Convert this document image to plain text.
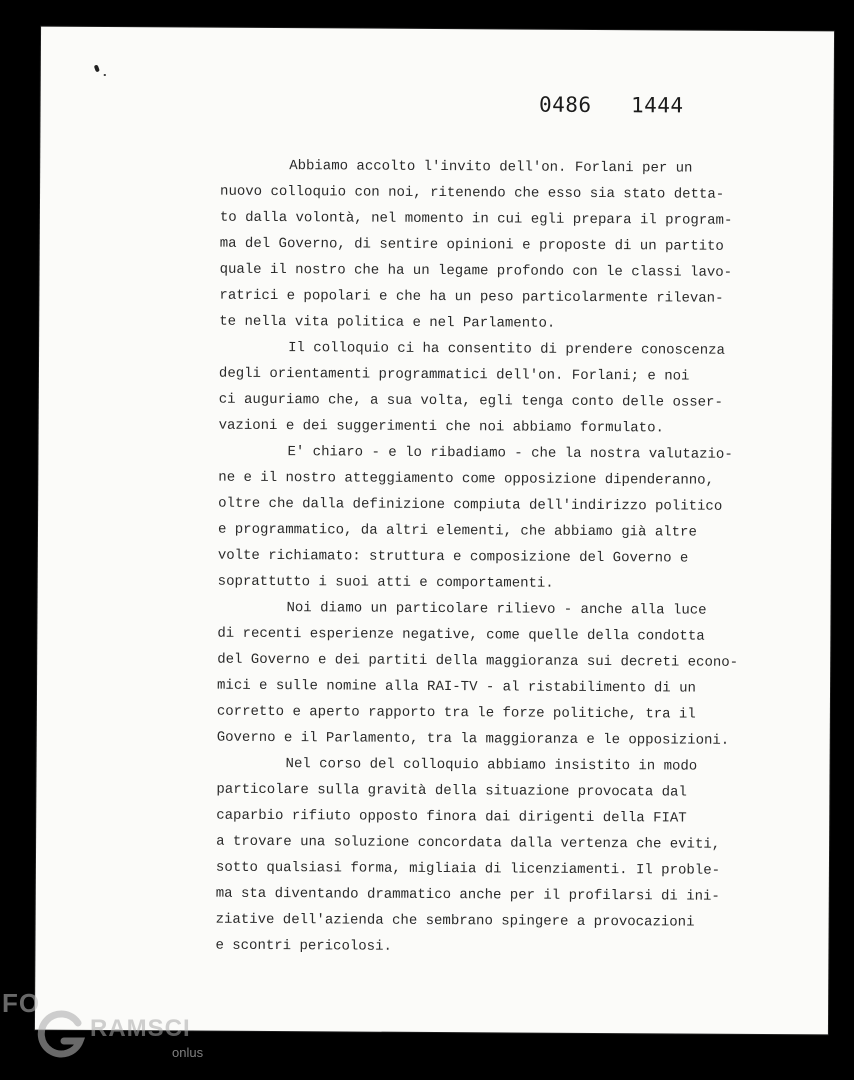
0486 1444
Abbiamo accolto l'invito dell'on. Forlani per un
nuovo colloquio con noi, ritenendo che esso sia stato detta-
to dalla volontà, nel momento in cui egli prepara il program-
ma del Governo, di sentire opinioni e proposte di un partito
quale il nostro che ha un legame profondo con le classi lavo-
ratrici e popolari e che ha un peso particolarmente rilevan-
te nella vita politica e nel Parlamento.
Il colloquio ci ha consentito di prendere conoscenza
degli orientamenti programmatici dell'on. Forlani; e noi
ci auguriamo che, a sua volta, egli tenga conto delle osser-
vazioni e dei suggerimenti che noi abbiamo formulato.
E' chiaro - e lo ribadiamo - che la nostra valutazio-
ne e il nostro atteggiamento come opposizione dipenderanno,
oltre che dalla definizione compiuta dell'indirizzo politico
e programmatico, da altri elementi, che abbiamo già altre
volte richiamato: struttura e composizione del Governo e
soprattutto i suoi atti e comportamenti.
Noi diamo un particolare rilievo - anche alla luce
di recenti esperienze negative, come quelle della condotta
del Governo e dei partiti della maggioranza sui decreti econo-
mici e sulle nomine alla RAI-TV - al ristabilimento di un
corretto e aperto rapporto tra le forze politiche, tra il
Governo e il Parlamento, tra la maggioranza e le opposizioni.
Nel corso del colloquio abbiamo insistito in modo
particolare sulla gravità della situazione provocata dal
caparbio rifiuto opposto finora dai dirigenti della FIAT
a trovare una soluzione concordata dalla vertenza che eviti,
sotto qualsiasi forma, migliaia di licenziamenti. Il proble-
ma sta diventando drammatico anche per il profilarsi di ini-
ziative dell'azienda che sembrano spingere a provocazioni
e scontri pericolosi.
FO
RAMSCI
onlus
